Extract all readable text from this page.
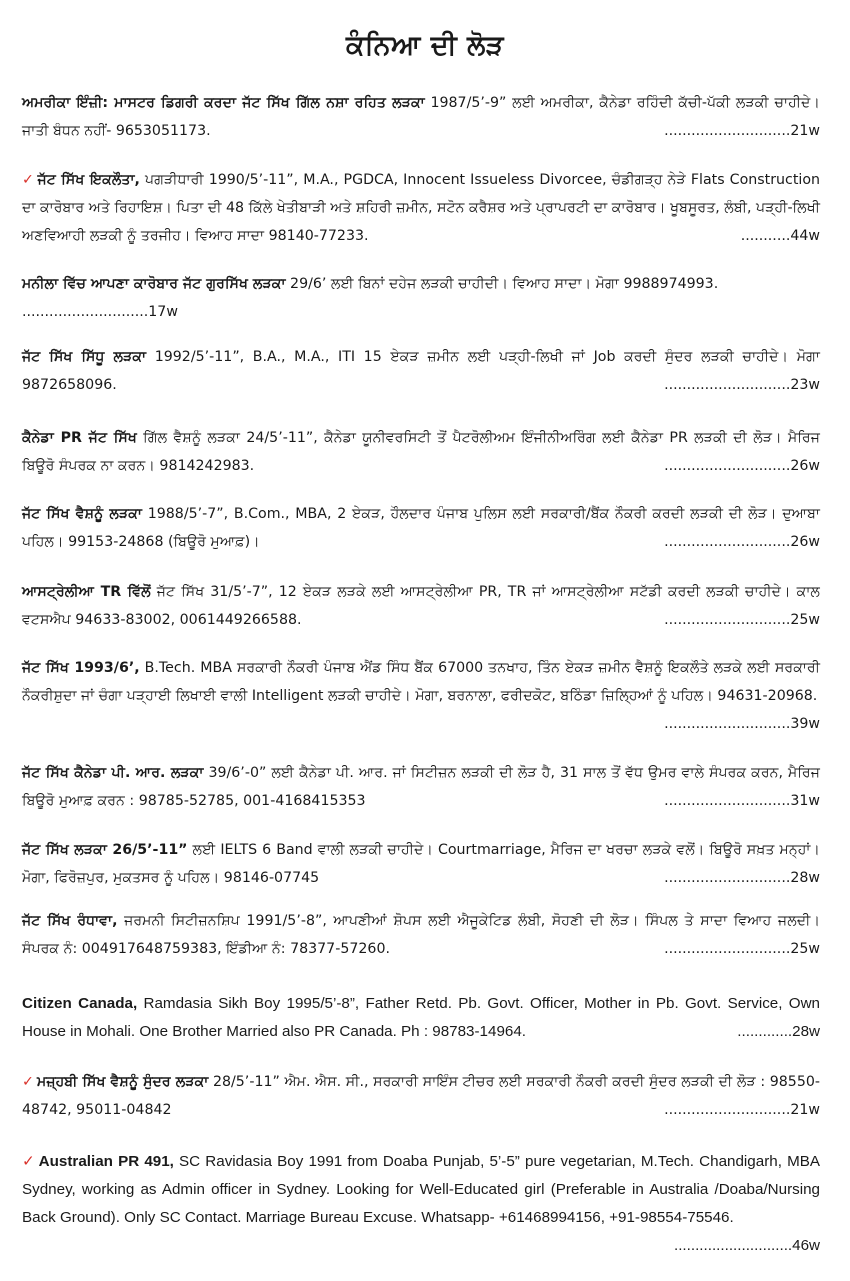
ਕੰਨਿਆ ਦੀ ਲੋੜ

ਅਮਰੀਕਾ ਇੰਜ਼ੀ: ਮਾਸਟਰ ਡਿਗਰੀ ਕਰਦਾ ਜੱਟ ਸਿੱਖ ਗਿੱਲ ਨਸ਼ਾ ਰਹਿਤ ਲੜਕਾ 1987/5’-9” ਲਈ ਅਮਰੀਕਾ, ਕੈਨੇਡਾ ਰਹਿੰਦੀ ਕੱਚੀ-ਪੱਕੀ ਲੜਕੀ ਚਾਹੀਦੇ। ਜਾਤੀ ਬੰਧਨ ਨਹੀਂ- 9653051173.	............................21w

✓ ਜੱਟ ਸਿੱਖ ਇਕਲੌਤਾ, ਪਗੜੀਧਾਰੀ 1990/5’-11”, M.A., PGDCA, Innocent Issueless Divorcee, ਚੰਡੀਗੜ੍ਹ ਨੇੜੇ Flats Construction ਦਾ ਕਾਰੋਬਾਰ ਅਤੇ ਰਿਹਾਇਸ਼। ਪਿਤਾ ਦੀ 48 ਕਿੱਲੇ ਖੇਤੀਬਾੜੀ ਅਤੇ ਸ਼ਹਿਰੀ ਜ਼ਮੀਨ, ਸਟੋਨ ਕਰੈਸ਼ਰ ਅਤੇ ਪ੍ਰਾਪਰਟੀ ਦਾ ਕਾਰੋਬਾਰ। ਖੂਬਸੂਰਤ, ਲੰਬੀ, ਪੜ੍ਹੀ-ਲਿਖੀ ਅਣਵਿਆਹੀ ਲੜਕੀ ਨੂੰ ਤਰਜੀਹ। ਵਿਆਹ ਸਾਦਾ 98140-77233.	...........44w

ਮਨੀਲਾ ਵਿੱਚ ਆਪਣਾ ਕਾਰੋਬਾਰ ਜੱਟ ਗੁਰਸਿੱਖ ਲੜਕਾ 29/6’ ਲਈ ਬਿਨਾਂ ਦਹੇਜ ਲੜਕੀ ਚਾਹੀਦੀ। ਵਿਆਹ ਸਾਦਾ। ਮੋਗਾ 9988974993.
............................17w

ਜੱਟ ਸਿੱਖ ਸਿੱਧੂ ਲੜਕਾ 1992/5’-11”, B.A., M.A., ITI 15 ਏਕੜ ਜ਼ਮੀਨ ਲਈ ਪੜ੍ਹੀ-ਲਿਖੀ ਜਾਂ Job ਕਰਦੀ ਸੁੰਦਰ ਲੜਕੀ ਚਾਹੀਦੇ। ਮੋਗਾ 9872658096.	............................23w

ਕੈਨੇਡਾ PR ਜੱਟ ਸਿੱਖ ਗਿੱਲ ਵੈਸ਼ਨੂੰ ਲੜਕਾ 24/5’-11”, ਕੈਨੇਡਾ ਯੂਨੀਵਰਸਿਟੀ ਤੋਂ ਪੈਟਰੋਲੀਅਮ ਇੰਜੀਨੀਅਰਿੰਗ ਲਈ ਕੈਨੇਡਾ PR ਲੜਕੀ ਦੀ ਲੋੜ। ਮੈਰਿਜ ਬਿਊਰੋ ਸੰਪਰਕ ਨਾ ਕਰਨ। 9814242983.	............................26w

ਜੱਟ ਸਿੱਖ ਵੈਸ਼ਨੂੰ ਲੜਕਾ 1988/5’-7”, B.Com., MBA, 2 ਏਕੜ, ਹੌਲਦਾਰ ਪੰਜਾਬ ਪੁਲਿਸ ਲਈ ਸਰਕਾਰੀ/ਬੈਂਕ ਨੌਕਰੀ ਕਰਦੀ ਲੜਕੀ ਦੀ ਲੋੜ। ਦੁਆਬਾ ਪਹਿਲ। 99153-24868 (ਬਿਊਰੋ ਮੁਆਫ਼)।	............................26w

ਆਸਟ੍ਰੇਲੀਆ TR ਵਿੱਲੋਂ ਜੱਟ ਸਿੱਖ 31/5’-7”, 12 ਏਕੜ ਲੜਕੇ ਲਈ ਆਸਟ੍ਰੇਲੀਆ PR, TR ਜਾਂ ਆਸਟ੍ਰੇਲੀਆ ਸਟੱਡੀ ਕਰਦੀ ਲੜਕੀ ਚਾਹੀਦੇ। ਕਾਲ ਵਟਸਐਪ 94633-83002, 0061449266588.	............................25w

ਜੱਟ ਸਿੱਖ 1993/6’, B.Tech. MBA ਸਰਕਾਰੀ ਨੌਕਰੀ ਪੰਜਾਬ ਐਂਡ ਸਿੰਧ ਬੈਂਕ 67000 ਤਨਖਾਹ, ਤਿੰਨ ਏਕੜ ਜ਼ਮੀਨ ਵੈਸ਼ਨੂੰ ਇਕਲੌਤੇ ਲੜਕੇ ਲਈ ਸਰਕਾਰੀ ਨੌਕਰੀਸ਼ੁਦਾ ਜਾਂ ਚੰਗਾ ਪੜ੍ਹਾਈ ਲਿਖਾਈ ਵਾਲੀ Intelligent ਲੜਕੀ ਚਾਹੀਦੇ। ਮੋਗਾ, ਬਰਨਾਲਾ, ਫਰੀਦਕੋਟ, ਬਠਿੰਡਾ ਜ਼ਿਲ੍ਹਿਆਂ ਨੂੰ ਪਹਿਲ। 94631-20968.
............................39w

ਜੱਟ ਸਿੱਖ ਕੈਨੇਡਾ ਪੀ. ਆਰ. ਲੜਕਾ 39/6’-0” ਲਈ ਕੈਨੇਡਾ ਪੀ. ਆਰ. ਜਾਂ ਸਿਟੀਜ਼ਨ ਲੜਕੀ ਦੀ ਲੋੜ ਹੈ, 31 ਸਾਲ ਤੋਂ ਵੱਧ ਉਮਰ ਵਾਲੇ ਸੰਪਰਕ ਕਰਨ, ਮੈਰਿਜ ਬਿਊਰੋ ਮੁਆਫ਼ ਕਰਨ : 98785-52785, 001-4168415353	............................31w

ਜੱਟ ਸਿੱਖ ਲੜਕਾ 26/5’-11” ਲਈ IELTS 6 Band ਵਾਲੀ ਲੜਕੀ ਚਾਹੀਦੇ। Courtmarriage, ਮੈਰਿਜ ਦਾ ਖਰਚਾ ਲੜਕੇ ਵਲੋਂ। ਬਿਊਰੋ ਸਖ਼ਤ ਮਨ੍ਹਾਂ। ਮੋਗਾ, ਫਿਰੋਜ਼ਪੁਰ, ਮੁਕਤਸਰ ਨੂੰ ਪਹਿਲ। 98146-07745	............................28w

ਜੱਟ ਸਿੱਖ ਰੰਧਾਵਾ, ਜਰਮਨੀ ਸਿਟੀਜ਼ਨਸ਼ਿਪ 1991/5’-8”, ਆਪਣੀਆਂ ਸ਼ੋਪਸ ਲਈ ਐਜੂਕੇਟਿਡ ਲੰਬੀ, ਸੋਹਣੀ ਦੀ ਲੋੜ। ਸਿੰਪਲ ਤੇ ਸਾਦਾ ਵਿਆਹ ਜਲਦੀ। ਸੰਪਰਕ ਨੰ: 004917648759383, ਇੰਡੀਆ ਨੰ: 78377-57260.	............................25w

Citizen Canada, Ramdasia Sikh Boy 1995/5’-8”, Father Retd. Pb. Govt. Officer, Mother in Pb. Govt. Service, Own House in Mohali. One Brother Married also PR Canada. Ph : 98783-14964.	.............28w

✓ ਮਜ਼੍ਹਬੀ ਸਿੱਖ ਵੈਸ਼ਨੂੰ ਸੁੰਦਰ ਲੜਕਾ 28/5’-11” ਐਮ. ਐਸ. ਸੀ., ਸਰਕਾਰੀ ਸਾਇੰਸ ਟੀਚਰ ਲਈ ਸਰਕਾਰੀ ਨੌਕਰੀ ਕਰਦੀ ਸੁੰਦਰ ਲੜਕੀ ਦੀ ਲੋੜ : 98550-48742, 95011-04842	............................21w

✓ Australian PR 491, SC Ravidasia Boy 1991 from Doaba Punjab, 5’-5” pure vegetarian, M.Tech. Chandigarh, MBA Sydney, working as Admin officer in Sydney. Looking for Well-Educated girl (Preferable in Australia /Doaba/Nursing Back Ground). Only SC Contact. Marriage Bureau Excuse. Whatsapp- +61468994156, +91-98554-75546.
............................46w
